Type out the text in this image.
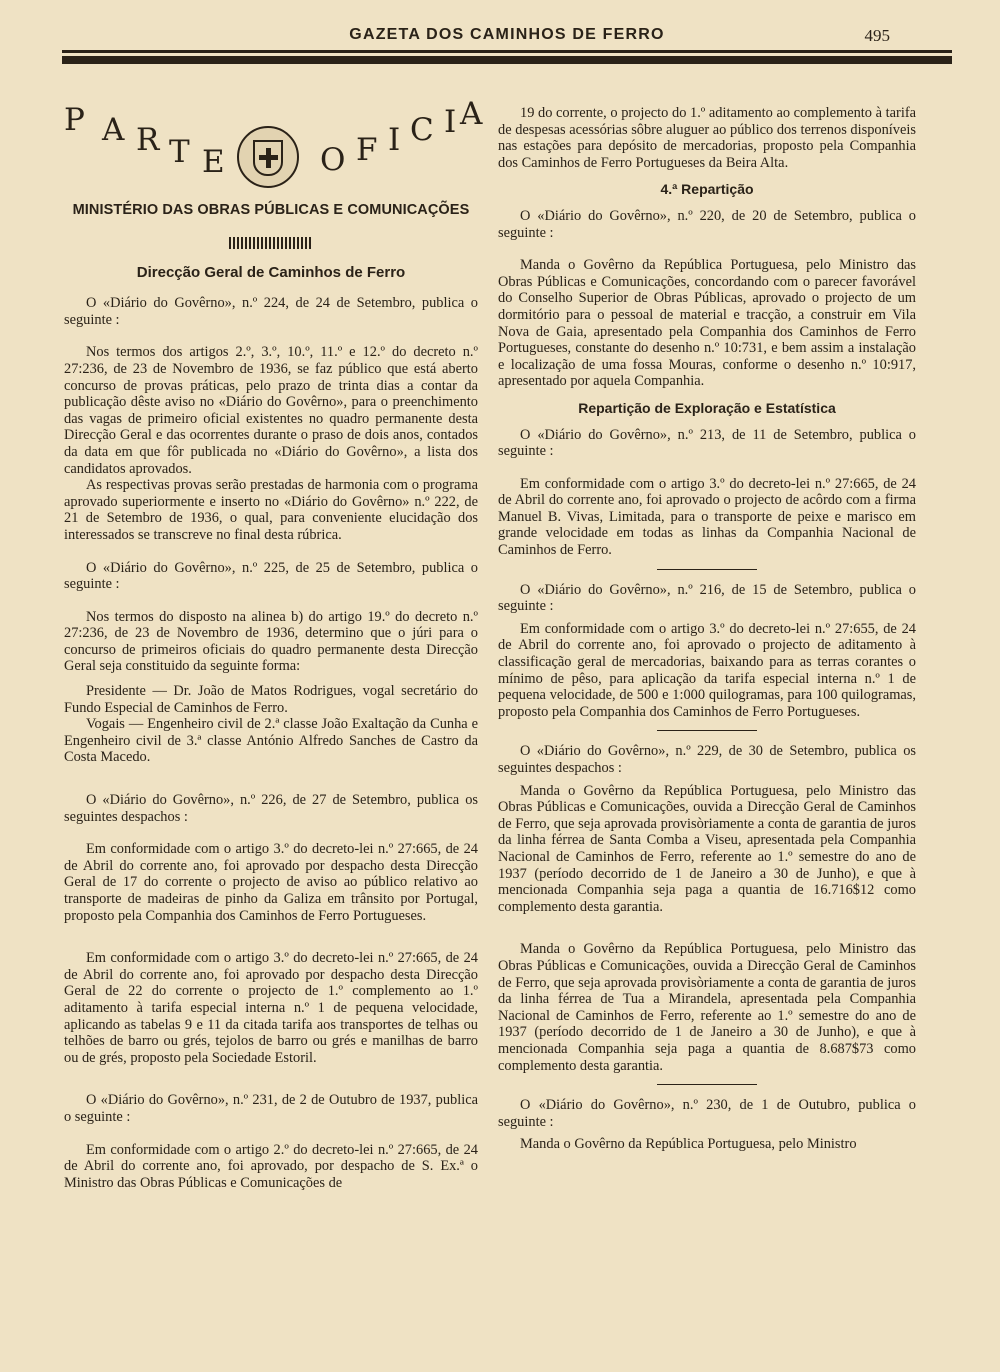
GAZETA DOS CAMINHOS DE FERRO	495
P A R T E	O F I C I A
MINISTÉRIO DAS OBRAS PÚBLICAS E COMUNICAÇÕES
Direcção Geral de Caminhos de Ferro

O «Diário do Govêrno», n.º 224, de 24 de Setembro, publica o seguinte :

Nos termos dos artigos 2.º, 3.º, 10.º, 11.º e 12.º do decreto n.º 27:236, de 23 de Novembro de 1936, se faz público que está aberto concurso de provas práticas, pelo prazo de trinta dias a contar da publicação dêste aviso no «Diário do Govêrno», para o preenchimento das vagas de primeiro oficial existentes no quadro permanente desta Direcção Geral e das ocorrentes durante o praso de dois anos, contados da data em que fôr publicada no «Diário do Govêrno», a lista dos candidatos aprovados.

As respectivas provas serão prestadas de harmonia com o programa aprovado superiormente e inserto no «Diário do Govêrno» n.º 222, de 21 de Setembro de 1936, o qual, para conveniente elucidação dos interessados se transcreve no final desta rúbrica.

O «Diário do Govêrno», n.º 225, de 25 de Setembro, publica o seguinte :

Nos termos do disposto na alinea b) do artigo 19.º do decreto n.º 27:236, de 23 de Novembro de 1936, determino que o júri para o concurso de primeiros oficiais do quadro permanente desta Direcção Geral seja constituido da seguinte forma:

Presidente — Dr. João de Matos Rodrigues, vogal secretário do Fundo Especial de Caminhos de Ferro.

Vogais — Engenheiro civil de 2.ª classe João Exaltação da Cunha e Engenheiro civil de 3.ª classe António Alfredo Sanches de Castro da Costa Macedo.

O «Diário do Govêrno», n.º 226, de 27 de Setembro, publica os seguintes despachos :

Em conformidade com o artigo 3.º do decreto-lei n.º 27:665, de 24 de Abril do corrente ano, foi aprovado por despacho desta Direcção Geral de 17 do corrente o projecto de aviso ao público relativo ao transporte de madeiras de pinho da Galiza em trânsito por Portugal, proposto pela Companhia dos Caminhos de Ferro Portugueses.

Em conformidade com o artigo 3.º do decreto-lei n.º 27:665, de 24 de Abril do corrente ano, foi aprovado por despacho desta Direcção Geral de 22 do corrente o projecto de 1.º complemento ao 1.º aditamento à tarifa especial interna n.º 1 de pequena velocidade, aplicando as tabelas 9 e 11 da citada tarifa aos transportes de telhas ou telhões de barro ou grés, tejolos de barro ou grés e manilhas de barro ou de grés, proposto pela Sociedade Estoril.

O «Diário do Govêrno», n.º 231, de 2 de Outubro de 1937, publica o seguinte :

Em conformidade com o artigo 2.º do decreto-lei n.º 27:665, de 24 de Abril do corrente ano, foi aprovado, por despacho de S. Ex.ª o Ministro das Obras Públicas e Comunicações de

19 do corrente, o projecto do 1.º aditamento ao complemento à tarifa de despesas acessórias sôbre aluguer ao público dos terrenos disponíveis nas estações para depósito de mercadorias, proposto pela Companhia dos Caminhos de Ferro Portugueses da Beira Alta.

4.ª Repartição

O «Diário do Govêrno», n.º 220, de 20 de Setembro, publica o seguinte :

Manda o Govêrno da República Portuguesa, pelo Ministro das Obras Públicas e Comunicações, concordando com o parecer favorável do Conselho Superior de Obras Públicas, aprovado o projecto de um dormitório para o pessoal de material e tracção, a construir em Vila Nova de Gaia, apresentado pela Companhia dos Caminhos de Ferro Portugueses, constante do desenho n.º 10:731, e bem assim a instalação e localização de uma fossa Mouras, conforme o desenho n.º 10:917, apresentado por aquela Companhia.

Repartição de Exploração e Estatística

O «Diário do Govêrno», n.º 213, de 11 de Setembro, publica o seguinte :

Em conformidade com o artigo 3.º do decreto-lei n.º 27:665, de 24 de Abril do corrente ano, foi aprovado o projecto de acôrdo com a firma Manuel B. Vivas, Limitada, para o transporte de peixe e marisco em grande velocidade em todas as linhas da Companhia Nacional de Caminhos de Ferro.

O «Diário do Govêrno», n.º 216, de 15 de Setembro, publica o seguinte :

Em conformidade com o artigo 3.º do decreto-lei n.º 27:655, de 24 de Abril do corrente ano, foi aprovado o projecto de aditamento à classificação geral de mercadorias, baixando para as terras corantes o mínimo de pêso, para aplicação da tarifa especial interna n.º 1 de pequena velocidade, de 500 e 1:000 quilogramas, para 100 quilogramas, proposto pela Companhia dos Caminhos de Ferro Portugueses.

O «Diário do Govêrno», n.º 229, de 30 de Setembro, publica os seguintes despachos :

Manda o Govêrno da República Portuguesa, pelo Ministro das Obras Públicas e Comunicações, ouvida a Direcção Geral de Caminhos de Ferro, que seja aprovada provisòriamente a conta de garantia de juros da linha férrea de Santa Comba a Viseu, apresentada pela Companhia Nacional de Caminhos de Ferro, referente ao 1.º semestre do ano de 1937 (período decorrido de 1 de Janeiro a 30 de Junho), e que à mencionada Companhia seja paga a quantia de 16.716$12 como complemento desta garantia.

Manda o Govêrno da República Portuguesa, pelo Ministro das Obras Públicas e Comunicações, ouvida a Direcção Geral de Caminhos de Ferro, que seja aprovada provisòriamente a conta de garantia de juros da linha férrea de Tua a Mirandela, apresentada pela Companhia Nacional de Caminhos de Ferro, referente ao 1.º semestre do ano de 1937 (período decorrido de 1 de Janeiro a 30 de Junho), e que à mencionada Companhia seja paga a quantia de 8.687$73 como complemento desta garantia.

O «Diário do Govêrno», n.º 230, de 1 de Outubro, publica o seguinte :

Manda o Govêrno da República Portuguesa, pelo Ministro
